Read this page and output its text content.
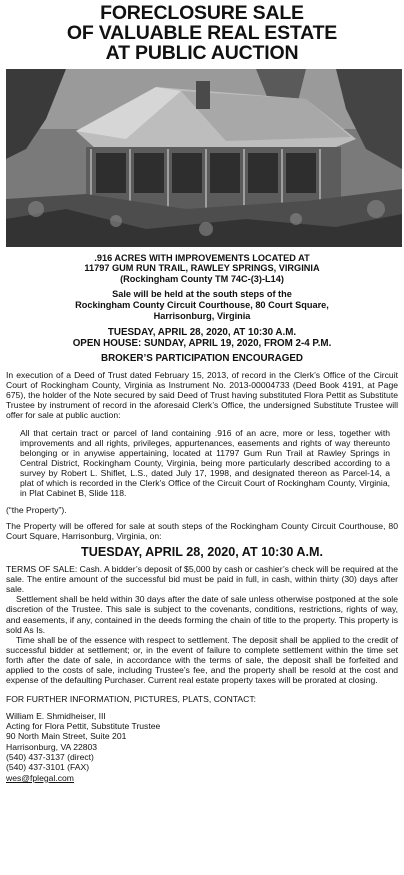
FORECLOSURE SALE
OF VALUABLE REAL ESTATE
AT PUBLIC AUCTION
.916 ACRES WITH IMPROVEMENTS LOCATED AT
11797 GUM RUN TRAIL, RAWLEY SPRINGS, VIRGINIA
(Rockingham County TM 74C-(3)-L14)
Sale will be held at the south steps of the
Rockingham County Circuit Courthouse, 80 Court Square,
Harrisonburg, Virginia
TUESDAY, APRIL 28, 2020, AT 10:30 A.M.
OPEN HOUSE: SUNDAY, APRIL 19, 2020, FROM 2-4 P.M.
BROKER’S PARTICIPATION ENCOURAGED

In execution of a Deed of Trust dated February 15, 2013, of record in the Clerk’s Office of the Circuit Court of Rockingham County, Virginia as Instrument No. 2013-00004733 (Deed Book 4191, at Page 675), the holder of the Note secured by said Deed of Trust having substituted Flora Pettit as Substitute Trustee by instrument of record in the aforesaid Clerk’s Office, the undersigned Substitute Trustee will offer for sale at public auction:

All that certain tract or parcel of land containing .916 of an acre, more or less, together with improvements and all rights, privileges, appurtenances, easements and rights of way thereunto belonging or in anywise appertaining, located at 11797 Gum Run Trail at Rawley Springs in Central District, Rockingham County, Virginia, being more particularly described according to a survey by Robert L. Shiflet, L.S., dated July 17, 1998, and designated thereon as Parcel-14, a plat of which is recorded in the Clerk’s Office of the Circuit Court of Rockingham County, Virginia, in Plat Cabinet B, Slide 118.

(“the Property”).

The Property will be offered for sale at south steps of the Rockingham County Circuit Courthouse, 80 Court Square, Harrisonburg, Virginia, on:

TUESDAY, APRIL 28, 2020, AT 10:30 A.M.

TERMS OF SALE: Cash. A bidder’s deposit of $5,000 by cash or cashier’s check will be required at the sale. The entire amount of the successful bid must be paid in full, in cash, within thirty (30) days after sale.

Settlement shall be held within 30 days after the date of sale unless otherwise postponed at the sole discretion of the Trustee. This sale is subject to the covenants, conditions, restrictions, rights of way, and easements, if any, contained in the deeds forming the chain of title to the property. This property is sold As Is.

Time shall be of the essence with respect to settlement. The deposit shall be applied to the credit of successful bidder at settlement; or, in the event of failure to complete settlement within the time set forth after the date of sale, in accordance with the terms of sale, the deposit shall be forfeited and applied to the costs of sale, including Trustee’s fee, and the property shall be resold at the cost and expense of the defaulting Purchaser. Current real estate property taxes will be prorated at closing.

FOR FURTHER INFORMATION, PICTURES, PLATS, CONTACT:
William E. Shmidheiser, III
Acting for Flora Pettit, Substitute Trustee
90 North Main Street, Suite 201
Harrisonburg, VA 22803
(540) 437-3137 (direct)
(540) 437-3101 (FAX)
wes@fplegal.com
